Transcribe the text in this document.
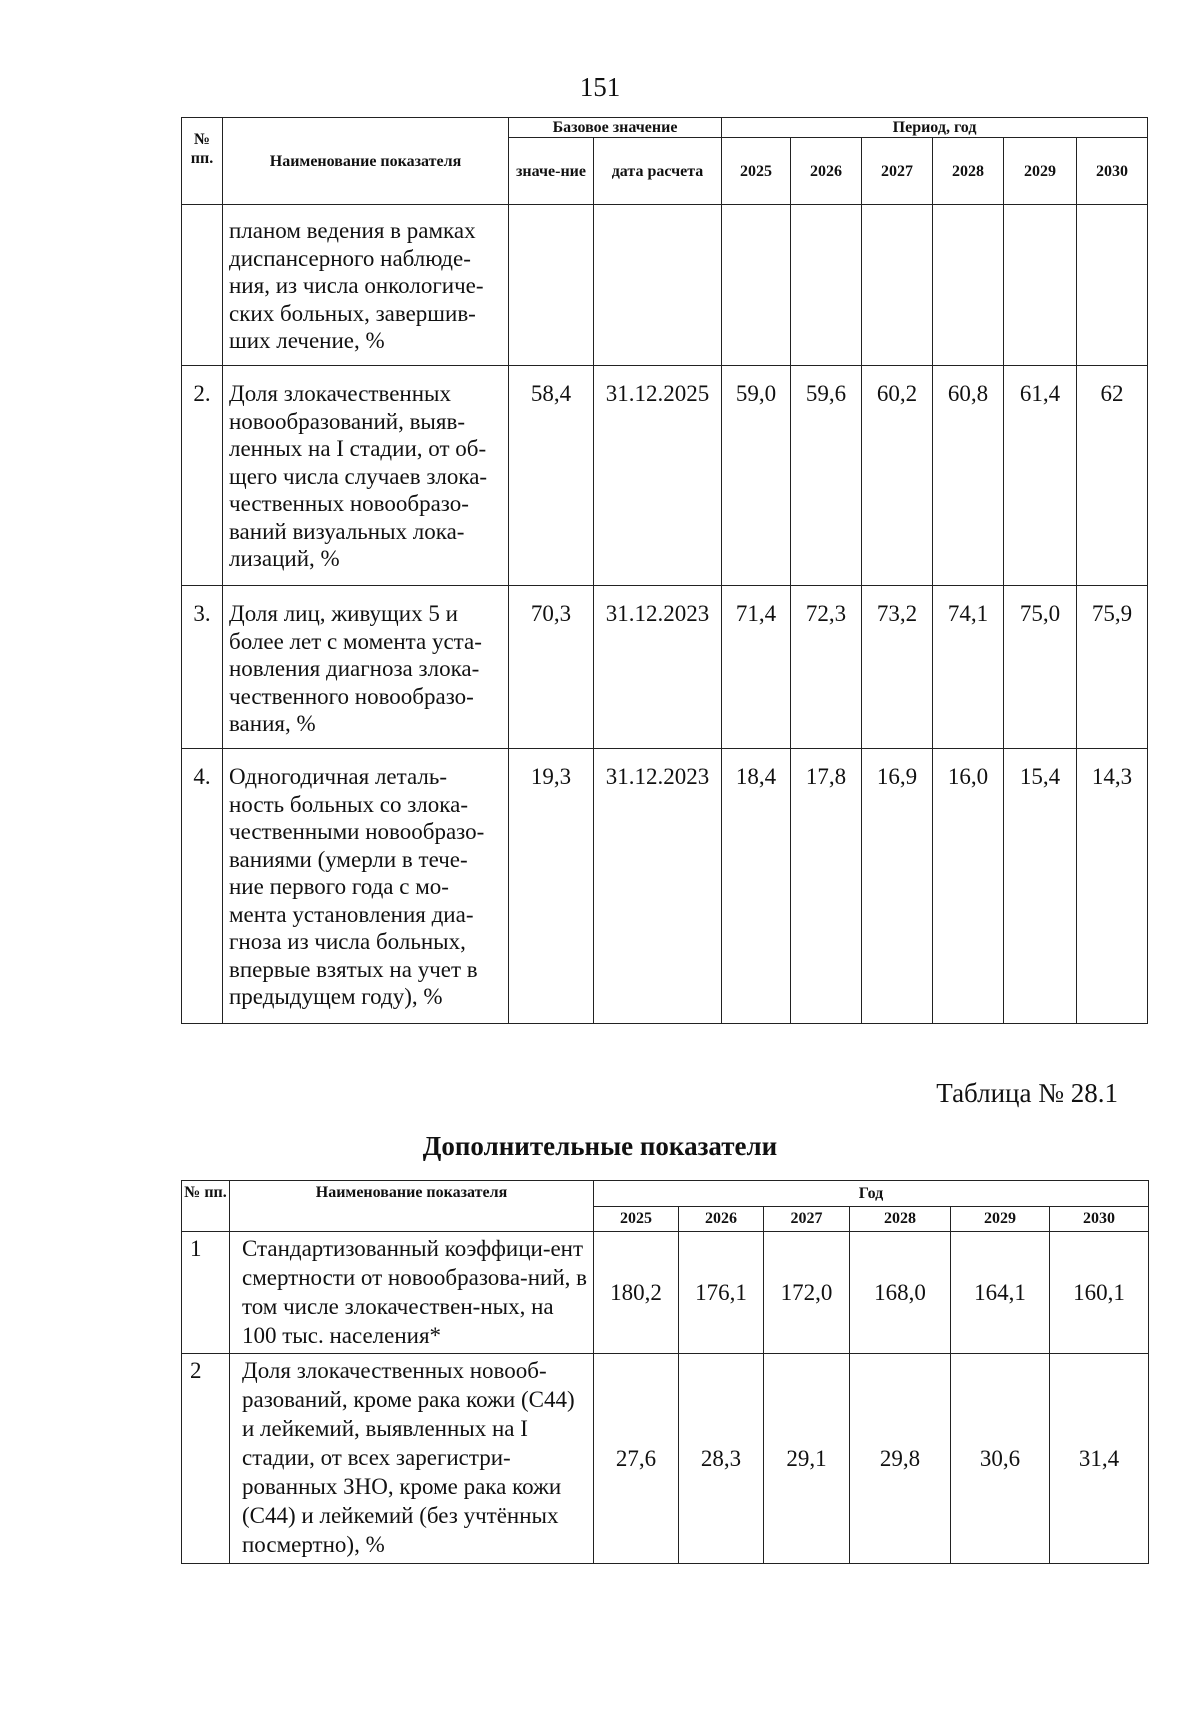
151
№ пп.	Наименование показателя	Базовое значение		Период, год					
		значе-ние	дата расчета	2025	2026	2027	2028	2029	2030
	планом ведения в рамках диспансерного наблюде-ния, из числа онкологиче-ских больных, завершив-ших лечение, %								
2.	Доля злокачественных новообразований, выяв-ленных на I стадии, от об-щего числа случаев злока-чественных новообразо-ваний визуальных лока-лизаций, %	58,4	31.12.2025	59,0	59,6	60,2	60,8	61,4	62
3.	Доля лиц, живущих 5 и более лет с момента уста-новления диагноза злока-чественного новообразо-вания, %	70,3	31.12.2023	71,4	72,3	73,2	74,1	75,0	75,9
4.	Одногодичная леталь-ность больных со злока-чественными новообразо-ваниями (умерли в тече-ние первого года с мо-мента установления диа-гноза из числа больных, впервые взятых на учет в предыдущем году), %	19,3	31.12.2023	18,4	17,8	16,9	16,0	15,4	14,3
Таблица № 28.1
Дополнительные показатели
№ пп.	Наименование показателя	Год					
		2025	2026	2027	2028	2029	2030
1	Стандартизованный коэффици-ент смертности от новообразова-ний, в том числе злокачествен-ных, на 100 тыс. населения*	180,2	176,1	172,0	168,0	164,1	160,1
2	Доля злокачественных новооб-разований, кроме рака кожи (С44) и лейкемий, выявленных на I стадии, от всех зарегистри-рованных ЗНО, кроме рака кожи (С44) и лейкемий (без учтённых посмертно), %	27,6	28,3	29,1	29,8	30,6	31,4
